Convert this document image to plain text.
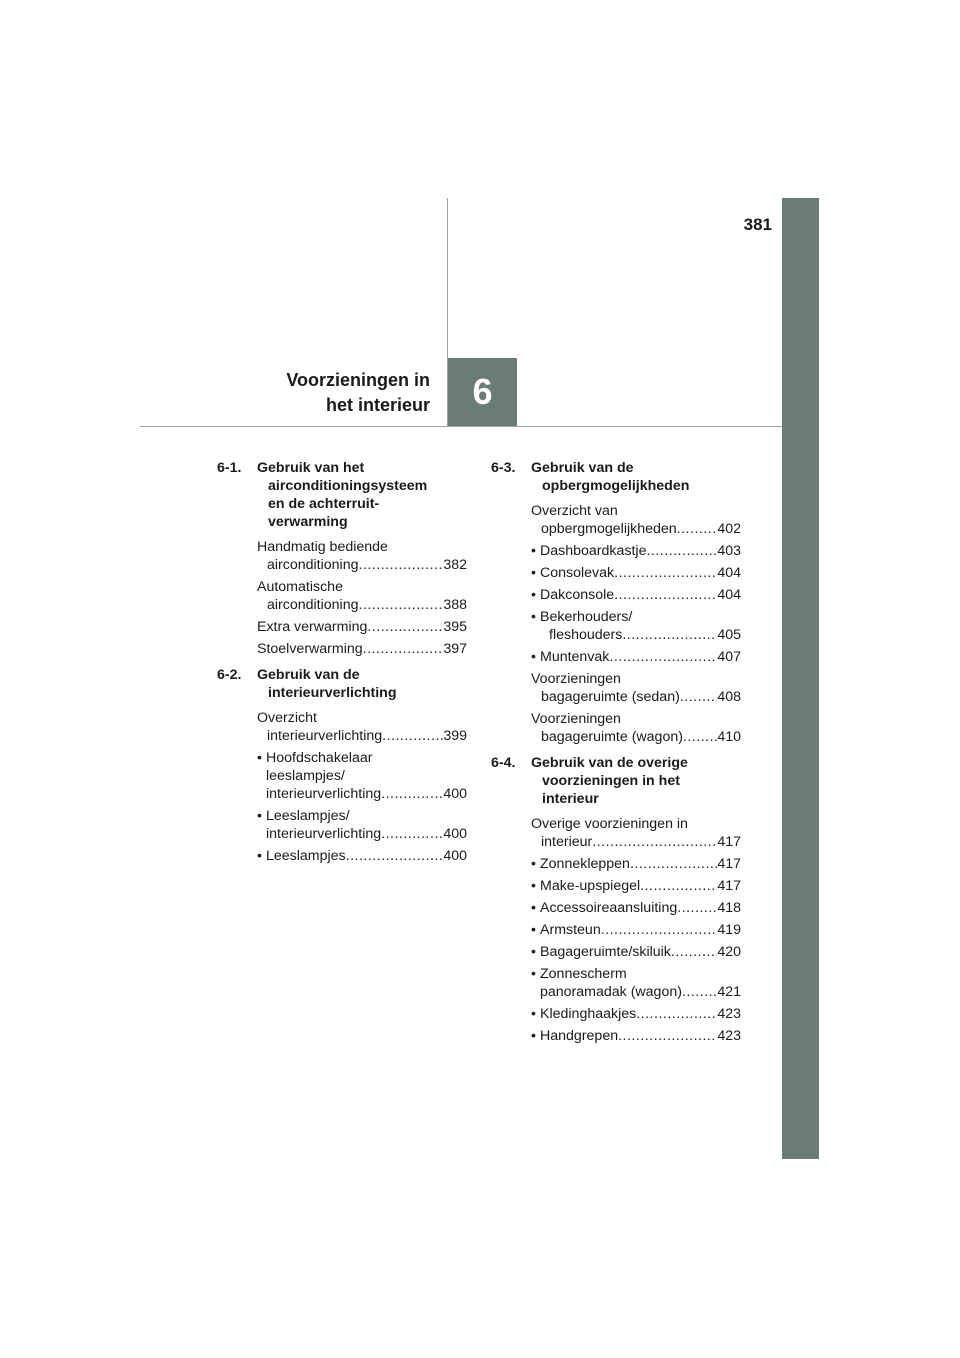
381
6
Voorzieningen in
het interieur
6-1. Gebruik van het
airconditioningsysteem
en de achterruit-
verwarming
Handmatig bediende
airconditioning .....	382
Automatische
airconditioning .....	388
Extra verwarming .....	395
Stoelverwarming .....	397
6-2. Gebruik van de
interieurverlichting
Overzicht
interieurverlichting .....	399
• Hoofdschakelaar
leeslampjes/
interieurverlichting .....	400
• Leeslampjes/
interieurverlichting .....	400
• Leeslampjes .....	400
6-3. Gebruik van de
opbergmogelijkheden
Overzicht van
opbergmogelijkheden .....	402
• Dashboardkastje .....	403
• Consolevak .....	404
• Dakconsole .....	404
• Bekerhouders/
fleshouders .....	405
• Muntenvak .....	407
Voorzieningen
bagageruimte (sedan) .....	408
Voorzieningen
bagageruimte (wagon) ..... 410
6-4. Gebruik van de overige
voorzieningen in het
interieur
Overige voorzieningen in
interieur .....	417
• Zonnekleppen .....	417
• Make-upspiegel .....	417
• Accessoireaansluiting .....	418
• Armsteun .....	419
• Bagageruimte/skiluik .....	420
• Zonnescherm
panoramadak (wagon) ..... 421
• Kledinghaakjes .....	423
• Handgrepen .....	423
